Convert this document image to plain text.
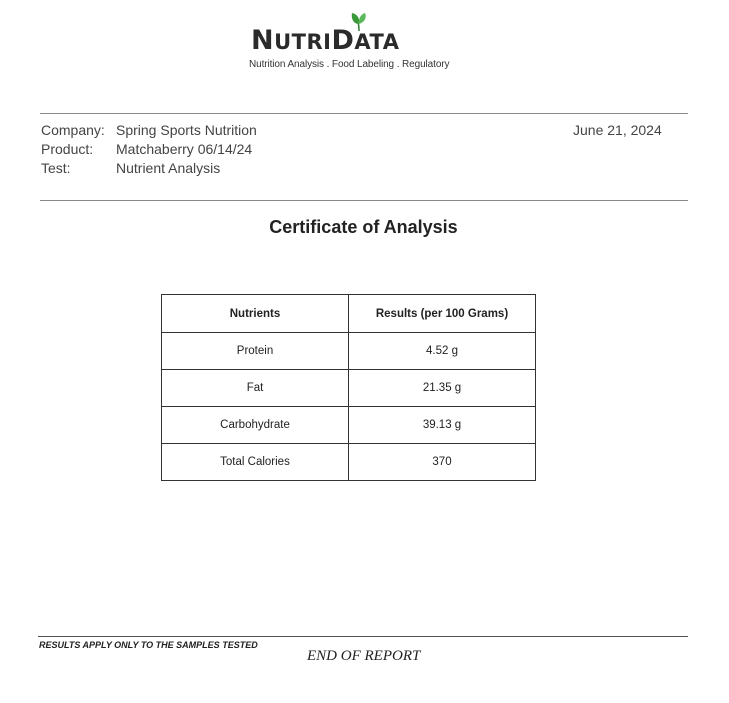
NUTRIDATA
Nutrition Analysis . Food Labeling . Regulatory
Company: Spring Sports Nutrition
Product: Matchaberry 06/14/24
Test:	Nutrient Analysis
June 21, 2024
Certificate of Analysis
Nutrients	Results (per 100 Grams)
Protein	4.52 g
Fat	21.35 g
Carbohydrate	39.13 g
Total Calories	370
RESULTS APPLY ONLY TO THE SAMPLES TESTED
END OF REPORT
